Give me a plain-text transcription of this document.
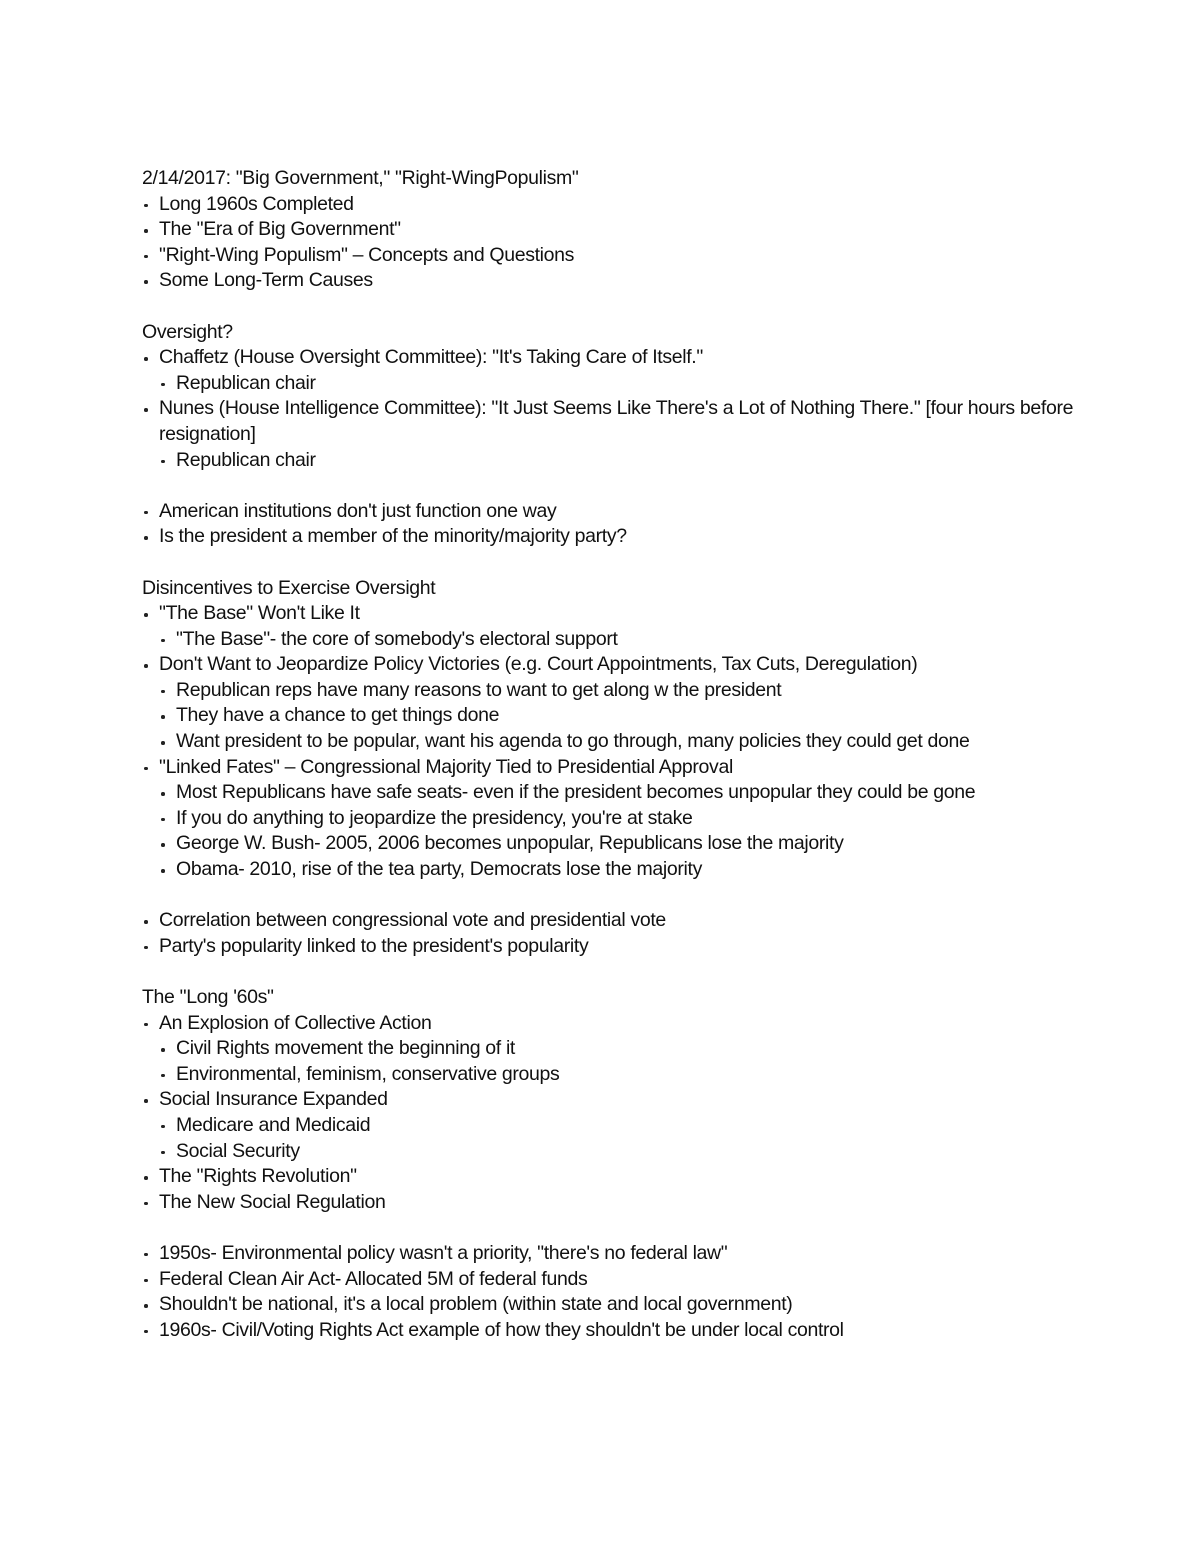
2/14/2017: "Big Government," "Right-WingPopulism"

Long 1960s Completed
The "Era of Big Government"
"Right-Wing Populism" – Concepts and Questions
Some Long-Term Causes

Oversight?

Chaffetz (House Oversight Committee): "It's Taking Care of Itself."
Republican chair
Nunes (House Intelligence Committee): "It Just Seems Like There's a Lot of Nothing There." [four hours before resignation]
Republican chair
American institutions don't just function one way
Is the president a member of the minority/majority party?

Disincentives to Exercise Oversight

"The Base" Won't Like It
"The Base"- the core of somebody's electoral support
Don't Want to Jeopardize Policy Victories (e.g. Court Appointments, Tax Cuts, Deregulation)
Republican reps have many reasons to want to get along w the president
They have a chance to get things done
Want president to be popular, want his agenda to go through, many policies they could get done
"Linked Fates" – Congressional Majority Tied to Presidential Approval
Most Republicans have safe seats- even if the president becomes unpopular they could be gone
If you do anything to jeopardize the presidency, you're at stake
George W. Bush- 2005, 2006 becomes unpopular, Republicans lose the majority
Obama- 2010, rise of the tea party, Democrats lose the majority
Correlation between congressional vote and presidential vote
Party's popularity linked to the president's popularity

The "Long '60s"

An Explosion of Collective Action
Civil Rights movement the beginning of it
Environmental, feminism, conservative groups
Social Insurance Expanded
Medicare and Medicaid
Social Security
The "Rights Revolution"
The New Social Regulation
1950s- Environmental policy wasn't a priority, "there's no federal law"
Federal Clean Air Act- Allocated 5M of federal funds
Shouldn't be national, it's a local problem (within state and local government)
1960s- Civil/Voting Rights Act example of how they shouldn't be under local control
